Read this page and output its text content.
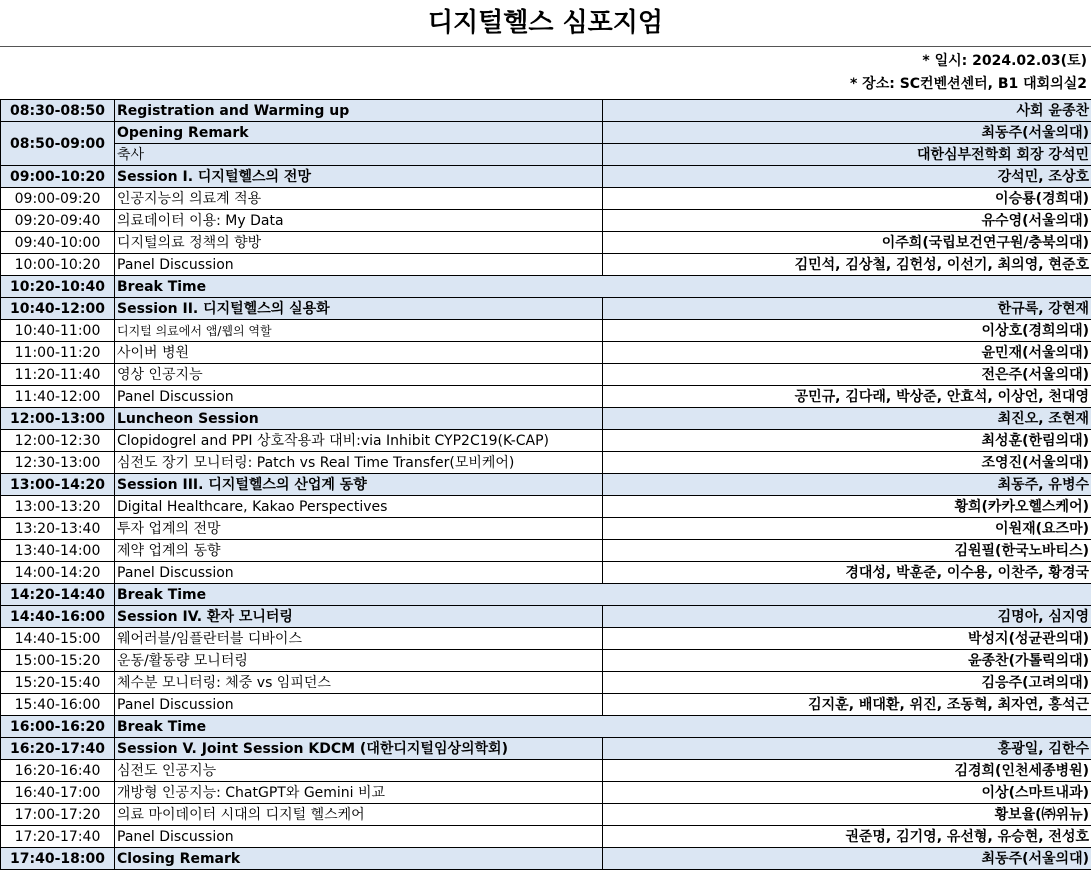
디지털헬스 심포지엄
* 일시: 2024.02.03(토)
* 장소: SC컨벤션센터, B1 대회의실2
08:30-08:50	Registration and Warming up	사회 윤종찬
08:50-09:00	Opening Remark	최동주(서울의대)
	축사	대한심부전학회 회장 강석민
09:00-10:20	Session I. 디지털헬스의 전망	강석민, 조상호
09:00-09:20	인공지능의 의료계 적용	이승룡(경희대)
09:20-09:40	의료데이터 이용: My Data	유수영(서울의대)
09:40-10:00	디지털의료 정책의 향방	이주희(국립보건연구원/충북의대)
10:00-10:20	Panel Discussion	김민석, 김상철, 김헌성, 이선기, 최의영, 현준호
10:20-10:40	Break Time	
10:40-12:00	Session II. 디지털헬스의 실용화	한규록, 강현재
10:40-11:00	디지털 의료에서 앱/웹의 역할	이상호(경희의대)
11:00-11:20	사이버 병원	윤민재(서울의대)
11:20-11:40	영상 인공지능	전은주(서울의대)
11:40-12:00	Panel Discussion	공민규, 김다래, 박상준, 안효석, 이상언, 천대영
12:00-13:00	Luncheon Session	최진오, 조현재
12:00-12:30	Clopidogrel and PPI 상호작용과 대비:via Inhibit CYP2C19(K-CAP)	최성훈(한림의대)
12:30-13:00	심전도 장기 모니터링: Patch vs Real Time Transfer(모비케어)	조영진(서울의대)
13:00-14:20	Session III. 디지털헬스의 산업계 동향	최동주, 유병수
13:00-13:20	Digital Healthcare, Kakao Perspectives	황희(카카오헬스케어)
13:20-13:40	투자 업계의 전망	이원재(요즈마)
13:40-14:00	제약 업계의 동향	김원필(한국노바티스)
14:00-14:20	Panel Discussion	경대성, 박훈준, 이수용, 이찬주, 황경국
14:20-14:40	Break Time	
14:40-16:00	Session IV. 환자 모니터링	김명아, 심지영
14:40-15:00	웨어러블/임플란터블 디바이스	박성지(성균관의대)
15:00-15:20	운동/활동량 모니터링	윤종찬(가톨릭의대)
15:20-15:40	체수분 모니터링: 체중 vs 임피던스	김응주(고려의대)
15:40-16:00	Panel Discussion	김지훈, 배대환, 위진, 조동혁, 최자연, 홍석근
16:00-16:20	Break Time	
16:20-17:40	Session V. Joint Session KDCM (대한디지털임상의학회)	홍광일, 김한수
16:20-16:40	심전도 인공지능	김경희(인천세종병원)
16:40-17:00	개방형 인공지능: ChatGPT와 Gemini 비교	이상(스마트내과)
17:00-17:20	의료 마이데이터 시대의 디지털 헬스케어	황보율(㈜위뉴)
17:20-17:40	Panel Discussion	권준명, 김기영, 유선형, 유승현, 전성호
17:40-18:00	Closing Remark	최동주(서울의대)
